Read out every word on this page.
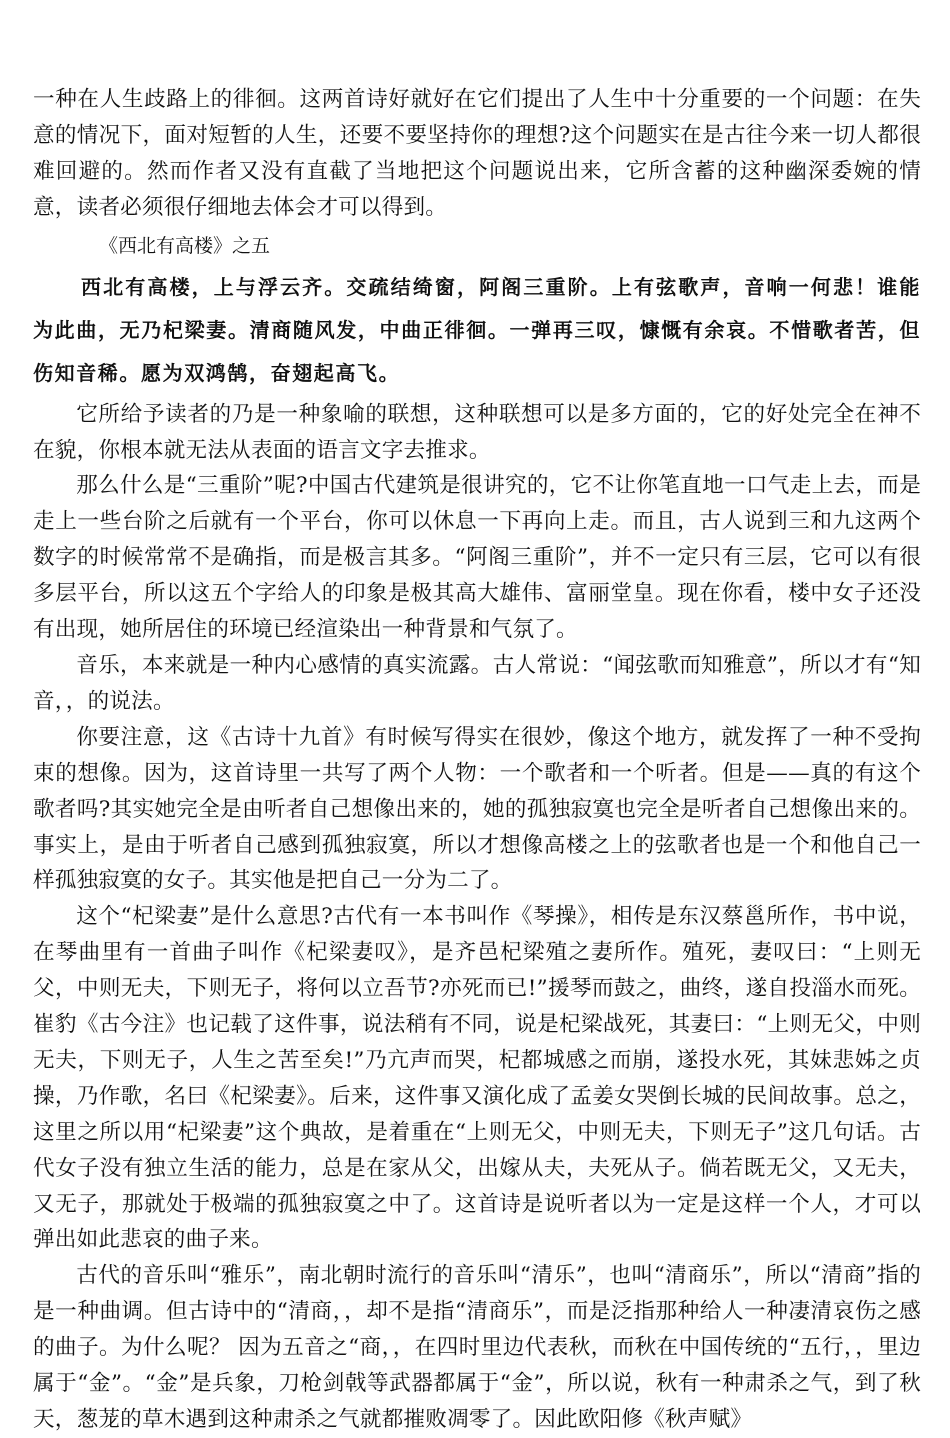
一种在人生歧路上的徘徊。这两首诗好就好在它们提出了人生中十分重要的一个问题：在失意的情况下，面对短暂的人生，还要不要坚持你的理想?这个问题实在是古往今来一切人都很难回避的。然而作者又没有直截了当地把这个问题说出来，它所含蓄的这种幽深委婉的情意，读者必须很仔细地去体会才可以得到。

《西北有高楼》之五
西北有高楼，上与浮云齐。交疏结绮窗，阿阁三重阶。上有弦歌声，音响一何悲！谁能为此曲，无乃杞梁妻。清商随风发，中曲正徘徊。一弹再三叹，慷慨有余哀。不惜歌者苦，但伤知音稀。愿为双鸿鹄，奋翅起高飞。

它所给予读者的乃是一种象喻的联想，这种联想可以是多方面的，它的好处完全在神不在貌，你根本就无法从表面的语言文字去推求。

那么什么是“三重阶”呢?中国古代建筑是很讲究的，它不让你笔直地一口气走上去，而是走上一些台阶之后就有一个平台，你可以休息一下再向上走。而且，古人说到三和九这两个数字的时候常常不是确指，而是极言其多。“阿阁三重阶”，并不一定只有三层，它可以有很多层平台，所以这五个字给人的印象是极其高大雄伟、富丽堂皇。现在你看，楼中女子还没有出现，她所居住的环境已经渲染出一种背景和气氛了。

音乐，本来就是一种内心感情的真实流露。古人常说：“闻弦歌而知雅意”，所以才有“知音，，的说法。

你要注意，这《古诗十九首》有时候写得实在很妙，像这个地方，就发挥了一种不受拘束的想像。因为，这首诗里一共写了两个人物：一个歌者和一个听者。但是——真的有这个歌者吗?其实她完全是由听者自己想像出来的，她的孤独寂寞也完全是听者自己想像出来的。事实上，是由于听者自己感到孤独寂寞，所以才想像高楼之上的弦歌者也是一个和他自己一样孤独寂寞的女子。其实他是把自己一分为二了。

这个“杞梁妻”是什么意思?古代有一本书叫作《琴操》，相传是东汉蔡邕所作，书中说，在琴曲里有一首曲子叫作《杞梁妻叹》，是齐邑杞梁殖之妻所作。殖死，妻叹曰：“上则无父，中则无夫，下则无子，将何以立吾节?亦死而已!”援琴而鼓之，曲终，遂自投淄水而死。崔豹《古今注》也记载了这件事，说法稍有不同，说是杞梁战死，其妻曰：“上则无父，中则无夫，下则无子，人生之苦至矣!”乃亢声而哭，杞都城感之而崩，遂投水死，其妹悲姊之贞操，乃作歌，名曰《杞梁妻》。后来，这件事又演化成了孟姜女哭倒长城的民间故事。总之，这里之所以用“杞梁妻”这个典故，是着重在“上则无父，中则无夫，下则无子”这几句话。古代女子没有独立生活的能力，总是在家从父，出嫁从夫，夫死从子。倘若既无父，又无夫，又无子，那就处于极端的孤独寂寞之中了。这首诗是说听者以为一定是这样一个人，才可以弹出如此悲哀的曲子来。

古代的音乐叫“雅乐”，南北朝时流行的音乐叫“清乐”，也叫“清商乐”，所以“清商”指的是一种曲调。但古诗中的“清商，，却不是指“清商乐”，而是泛指那种给人一种凄清哀伤之感的曲子。为什么呢？ 因为五音之“商，，在四时里边代表秋，而秋在中国传统的“五行，，里边属于“金”。“金”是兵象，刀枪剑戟等武器都属于“金”，所以说，秋有一种肃杀之气，到了秋天，葱茏的草木遇到这种肃杀之气就都摧败凋零了。因此欧阳修《秋声赋》
